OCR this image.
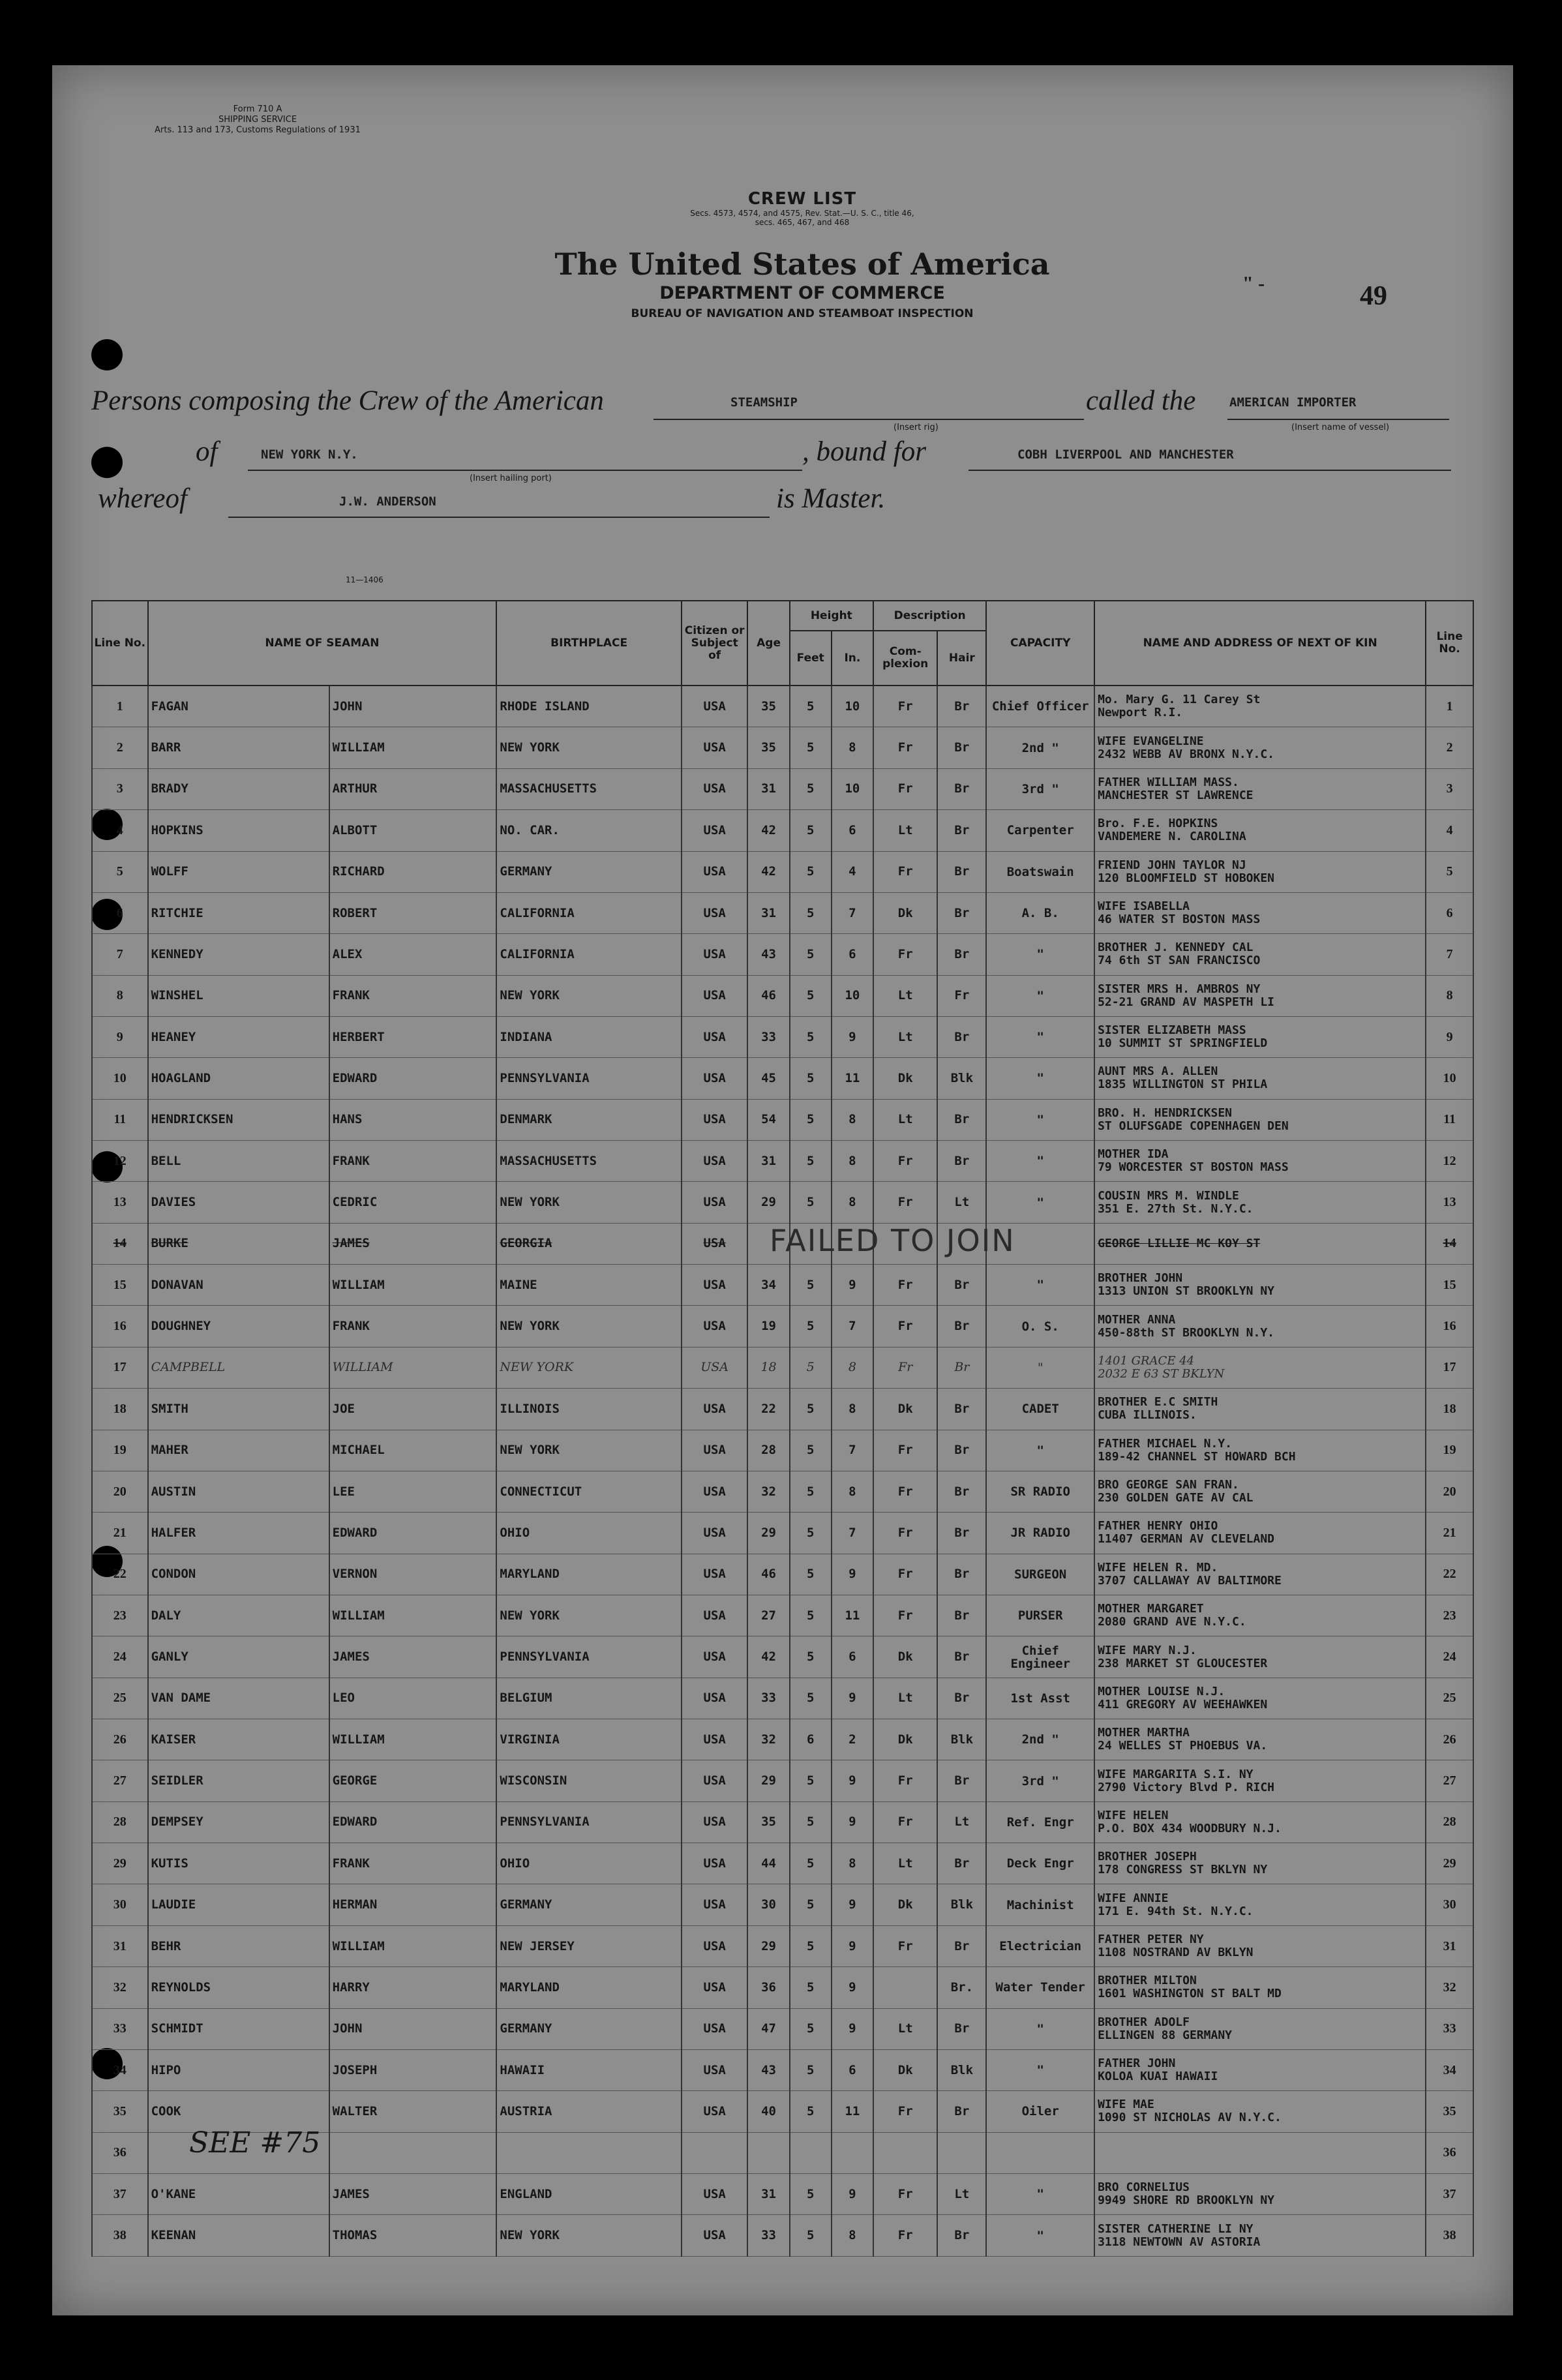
Form 710 A
SHIPPING SERVICE
Arts. 113 and 173, Customs Regulations of 1931
" -	49
CREW LIST
Secs. 4573, 4574, and 4575, Rev. Stat.—U. S. C., title 46,
secs. 465, 467, and 468
The United States of America
DEPARTMENT OF COMMERCE
BUREAU OF NAVIGATION AND STEAMBOAT INSPECTION
Persons composing the Crew of the American	STEAMSHIP
(Insert rig)
called the	AMERICAN IMPORTER
(Insert name of vessel)
of	NEW YORK N.Y.
(Insert hailing port)
, bound for	COBH LIVERPOOL AND MANCHESTER
whereof	J.W. ANDERSON	is Master.
11—1406
Line No.	NAME OF SEAMAN		BIRTHPLACE	Citizen or Subject of	Age	Height		Description		CAPACITY	NAME AND ADDRESS OF NEXT OF KIN	Line No.
						Feet	In.	Com-plexion	Hair			
1	FAGAN	JOHN	RHODE ISLAND	USA	35	5	10	Fr	Br	Chief Officer	Mo. Mary G. 11 Carey St
Newport R.I.	1
2	BARR	WILLIAM	NEW YORK	USA	35	5	8	Fr	Br	2nd "	WIFE EVANGELINE
2432 WEBB AV BRONX N.Y.C.	2
3	BRADY	ARTHUR	MASSACHUSETTS	USA	31	5	10	Fr	Br	3rd "	FATHER WILLIAM MASS.
MANCHESTER ST LAWRENCE	3
4	HOPKINS	ALBOTT	NO. CAR.	USA	42	5	6	Lt	Br	Carpenter	Bro. F.E. HOPKINS
VANDEMERE N. CAROLINA	4
5	WOLFF	RICHARD	GERMANY	USA	42	5	4	Fr	Br	Boatswain	FRIEND JOHN TAYLOR NJ
120 BLOOMFIELD ST HOBOKEN	5
6	RITCHIE	ROBERT	CALIFORNIA	USA	31	5	7	Dk	Br	A. B.	WIFE ISABELLA
46 WATER ST BOSTON MASS	6
7	KENNEDY	ALEX	CALIFORNIA	USA	43	5	6	Fr	Br	"	BROTHER J. KENNEDY CAL
74 6th ST SAN FRANCISCO	7
8	WINSHEL	FRANK	NEW YORK	USA	46	5	10	Lt	Fr	"	SISTER MRS H. AMBROS NY
52-21 GRAND AV MASPETH LI	8
9	HEANEY	HERBERT	INDIANA	USA	33	5	9	Lt	Br	"	SISTER ELIZABETH MASS
10 SUMMIT ST SPRINGFIELD	9
10	HOAGLAND	EDWARD	PENNSYLVANIA	USA	45	5	11	Dk	Blk	"	AUNT MRS A. ALLEN
1835 WILLINGTON ST PHILA	10
11	HENDRICKSEN	HANS	DENMARK	USA	54	5	8	Lt	Br	"	BRO. H. HENDRICKSEN
ST OLUFSGADE COPENHAGEN DEN	11
12	BELL	FRANK	MASSACHUSETTS	USA	31	5	8	Fr	Br	"	MOTHER IDA
79 WORCESTER ST BOSTON MASS	12
13	DAVIES	CEDRIC	NEW YORK	USA	29	5	8	Fr	Lt	"	COUSIN MRS M. WINDLE
351 E. 27th St. N.Y.C.	13
14	BURKE	JAMES	GEORGIA	USA							GEORGE LILLIE MC KOY ST	14
15	DONAVAN	WILLIAM	MAINE	USA	34	5	9	Fr	Br	"	BROTHER JOHN
1313 UNION ST BROOKLYN NY	15
16	DOUGHNEY	FRANK	NEW YORK	USA	19	5	7	Fr	Br	O. S.	MOTHER ANNA
450-88th ST BROOKLYN N.Y.	16
17	CAMPBELL	WILLIAM	NEW YORK	USA	18	5	8	Fr	Br	"	1401 GRACE 44
2032 E 63 ST BKLYN	17
18	SMITH	JOE	ILLINOIS	USA	22	5	8	Dk	Br	CADET	BROTHER E.C SMITH
CUBA ILLINOIS.	18
19	MAHER	MICHAEL	NEW YORK	USA	28	5	7	Fr	Br	"	FATHER MICHAEL N.Y.
189-42 CHANNEL ST HOWARD BCH	19
20	AUSTIN	LEE	CONNECTICUT	USA	32	5	8	Fr	Br	SR RADIO	BRO GEORGE SAN FRAN.
230 GOLDEN GATE AV CAL	20
21	HALFER	EDWARD	OHIO	USA	29	5	7	Fr	Br	JR RADIO	FATHER HENRY OHIO
11407 GERMAN AV CLEVELAND	21
22	CONDON	VERNON	MARYLAND	USA	46	5	9	Fr	Br	SURGEON	WIFE HELEN R. MD.
3707 CALLAWAY AV BALTIMORE	22
23	DALY	WILLIAM	NEW YORK	USA	27	5	11	Fr	Br	PURSER	MOTHER MARGARET
2080 GRAND AVE N.Y.C.	23
24	GANLY	JAMES	PENNSYLVANIA	USA	42	5	6	Dk	Br	Chief Engineer	WIFE MARY N.J.
238 MARKET ST GLOUCESTER	24
25	VAN DAME	LEO	BELGIUM	USA	33	5	9	Lt	Br	1st Asst	MOTHER LOUISE N.J.
411 GREGORY AV WEEHAWKEN	25
26	KAISER	WILLIAM	VIRGINIA	USA	32	6	2	Dk	Blk	2nd "	MOTHER MARTHA
24 WELLES ST PHOEBUS VA.	26
27	SEIDLER	GEORGE	WISCONSIN	USA	29	5	9	Fr	Br	3rd "	WIFE MARGARITA S.I. NY
2790 Victory Blvd P. RICH	27
28	DEMPSEY	EDWARD	PENNSYLVANIA	USA	35	5	9	Fr	Lt	Ref. Engr	WIFE HELEN
P.O. BOX 434 WOODBURY N.J.	28
29	KUTIS	FRANK	OHIO	USA	44	5	8	Lt	Br	Deck Engr	BROTHER JOSEPH
178 CONGRESS ST BKLYN NY	29
30	LAUDIE	HERMAN	GERMANY	USA	30	5	9	Dk	Blk	Machinist	WIFE ANNIE
171 E. 94th St. N.Y.C.	30
31	BEHR	WILLIAM	NEW JERSEY	USA	29	5	9	Fr	Br	Electrician	FATHER PETER NY
1108 NOSTRAND AV BKLYN	31
32	REYNOLDS	HARRY	MARYLAND	USA	36	5	9		Br.	Water Tender	BROTHER MILTON
1601 WASHINGTON ST BALT MD	32
33	SCHMIDT	JOHN	GERMANY	USA	47	5	9	Lt	Br	"	BROTHER ADOLF
ELLINGEN 88 GERMANY	33
34	HIPO	JOSEPH	HAWAII	USA	43	5	6	Dk	Blk	"	FATHER JOHN
KOLOA KUAI HAWAII	34
35	COOK	WALTER	AUSTRIA	USA	40	5	11	Fr	Br	Oiler	WIFE MAE
1090 ST NICHOLAS AV N.Y.C.	35
36												36
37	O'KANE	JAMES	ENGLAND	USA	31	5	9	Fr	Lt	"	BRO CORNELIUS
9949 SHORE RD BROOKLYN NY	37
38	KEENAN	THOMAS	NEW YORK	USA	33	5	8	Fr	Br	"	SISTER CATHERINE LI NY
3118 NEWTOWN AV ASTORIA	38
FAILED TO JOIN
SEE #75
